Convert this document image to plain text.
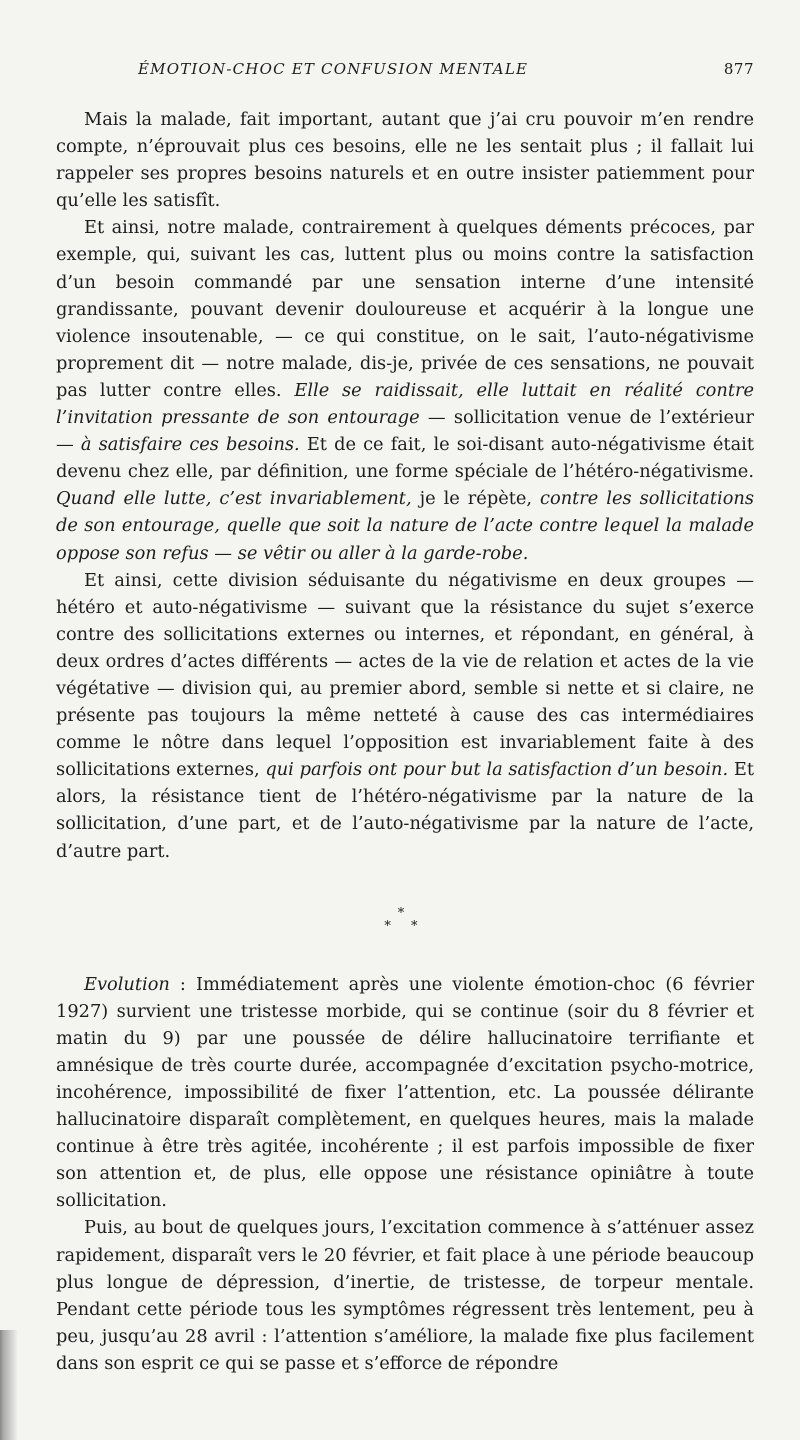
ÉMOTION-CHOC ET CONFUSION MENTALE	877

Mais la malade, fait important, autant que j’ai cru pouvoir m’en rendre compte, n’éprouvait plus ces besoins, elle ne les sentait plus ; il fallait lui rappeler ses propres besoins naturels et en outre insister patiemment pour qu’elle les satisfît.

Et ainsi, notre malade, contrairement à quelques déments précoces, par exemple, qui, suivant les cas, luttent plus ou moins contre la satisfaction d’un besoin commandé par une sensation interne d’une intensité grandissante, pouvant devenir douloureuse et acquérir à la longue une violence insoutenable, — ce qui constitue, on le sait, l’auto-négativisme proprement dit — notre malade, dis-je, privée de ces sensations, ne pouvait pas lutter contre elles. Elle se raidissait, elle luttait en réalité contre l’invitation pressante de son entourage — sollicitation venue de l’extérieur — à satisfaire ces besoins. Et de ce fait, le soi-disant auto-négativisme était devenu chez elle, par définition, une forme spéciale de l’hétéro-négativisme. Quand elle lutte, c’est invariablement, je le répète, contre les sollicitations de son entourage, quelle que soit la nature de l’acte contre lequel la malade oppose son refus — se vêtir ou aller à la garde-robe.

Et ainsi, cette division séduisante du négativisme en deux groupes — hétéro et auto-négativisme — suivant que la résistance du sujet s’exerce contre des sollicitations externes ou internes, et répondant, en général, à deux ordres d’actes différents — actes de la vie de relation et actes de la vie végétative — division qui, au premier abord, semble si nette et si claire, ne présente pas toujours la même netteté à cause des cas intermédiaires comme le nôtre dans lequel l’opposition est invariablement faite à des sollicitations externes, qui parfois ont pour but la satisfaction d’un besoin. Et alors, la résistance tient de l’hétéro-négativisme par la nature de la sollicitation, d’une part, et de l’auto-négativisme par la nature de l’acte, d’autre part.

*
* *

Evolution : Immédiatement après une violente émotion-choc (6 février 1927) survient une tristesse morbide, qui se continue (soir du 8 février et matin du 9) par une poussée de délire hallucinatoire terrifiante et amnésique de très courte durée, accompagnée d’excitation psycho-motrice, incohérence, impossibilité de fixer l’attention, etc. La poussée délirante hallucinatoire disparaît complètement, en quelques heures, mais la malade continue à être très agitée, incohérente ; il est parfois impossible de fixer son attention et, de plus, elle oppose une résistance opiniâtre à toute sollicitation.

Puis, au bout de quelques jours, l’excitation commence à s’atténuer assez rapidement, disparaît vers le 20 février, et fait place à une période beaucoup plus longue de dépression, d’inertie, de tristesse, de torpeur mentale. Pendant cette période tous les symptômes régressent très lentement, peu à peu, jusqu’au 28 avril : l’attention s’améliore, la malade fixe plus facilement dans son esprit ce qui se passe et s’efforce de répondre
